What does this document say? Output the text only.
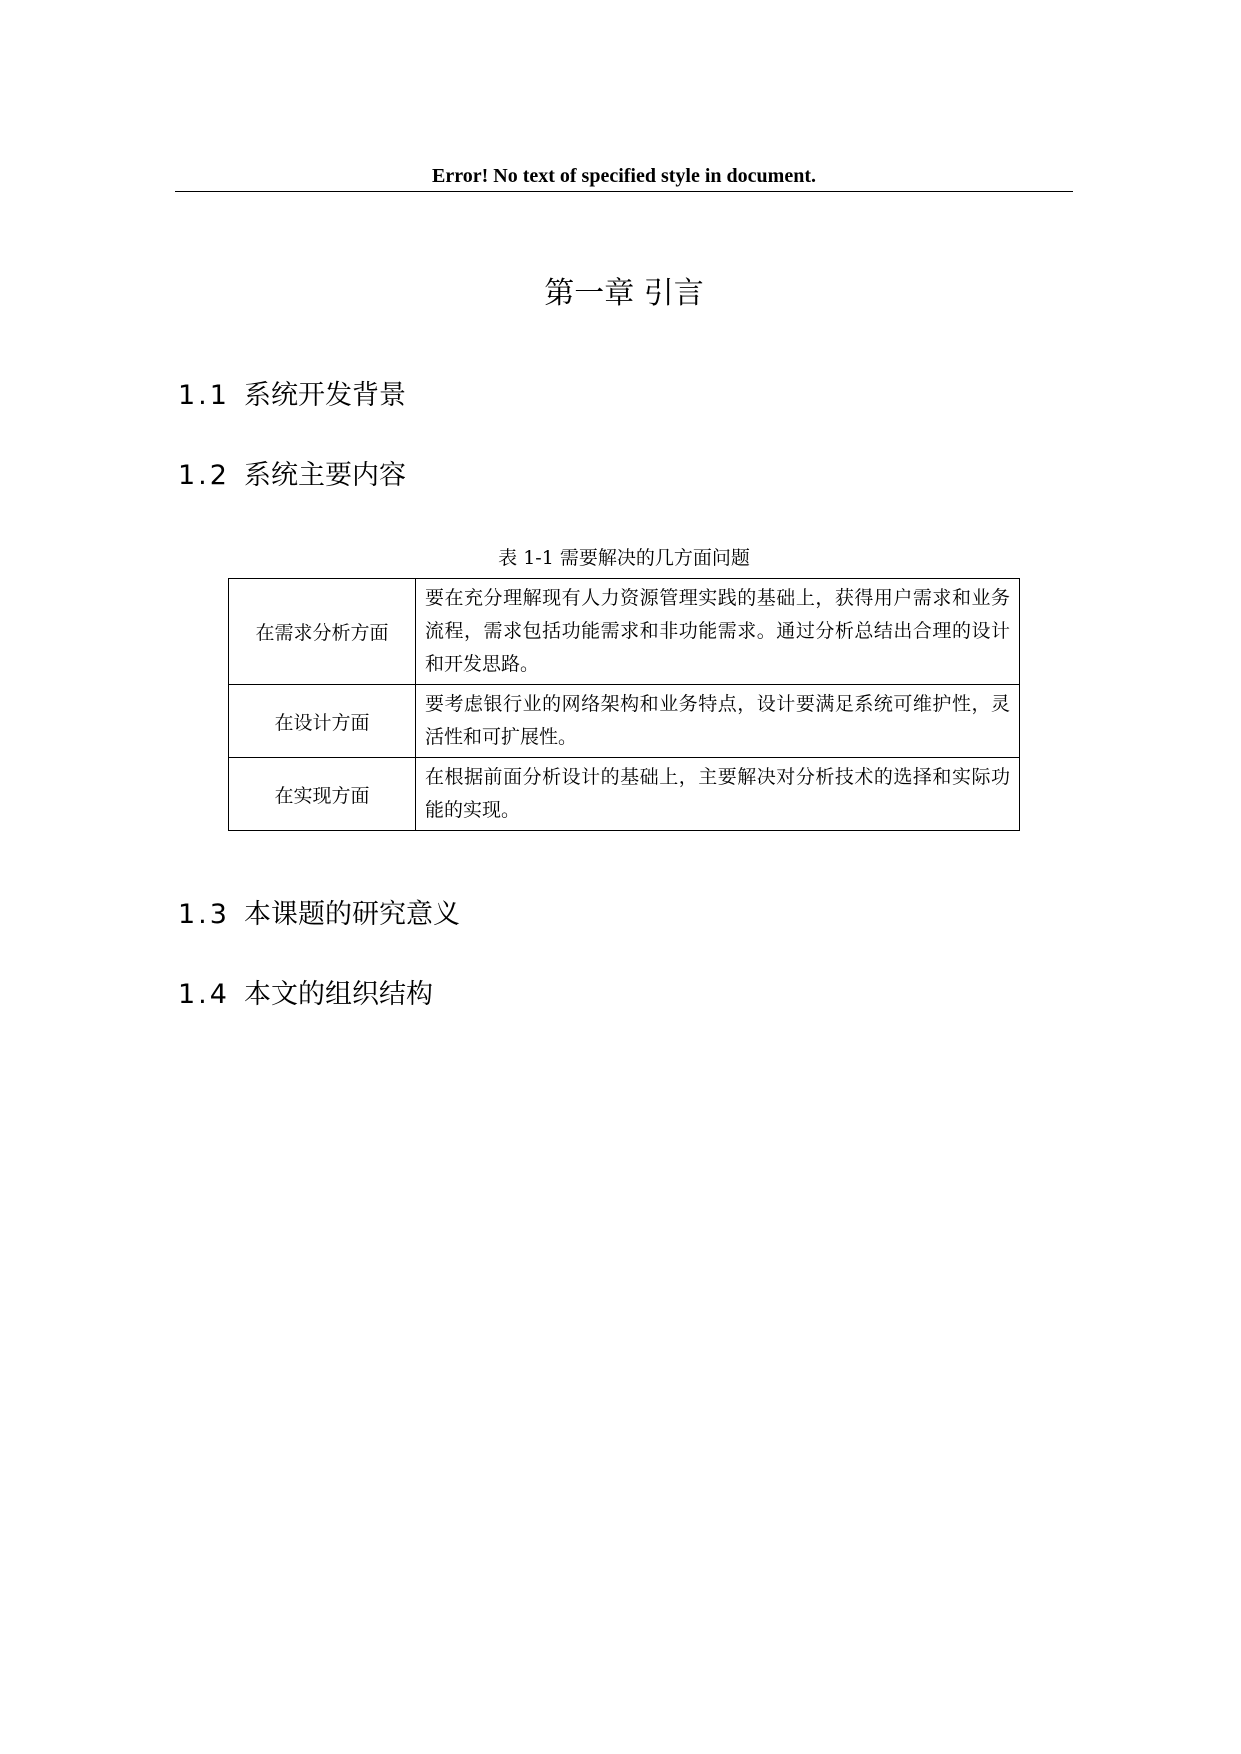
Error! No text of specified style in document.
第一章 引言
1.1 系统开发背景
1.2 系统主要内容
表 1-1 需要解决的几方面问题
在需求分析方面	要在充分理解现有人力资源管理实践的基础上，获得用户需求和业务流程，需求包括功能需求和非功能需求。通过分析总结出合理的设计和开发思路。
在设计方面	要考虑银行业的网络架构和业务特点，设计要满足系统可维护性，灵活性和可扩展性。
在实现方面	在根据前面分析设计的基础上，主要解决对分析技术的选择和实际功能的实现。
1.3 本课题的研究意义
1.4 本文的组织结构
